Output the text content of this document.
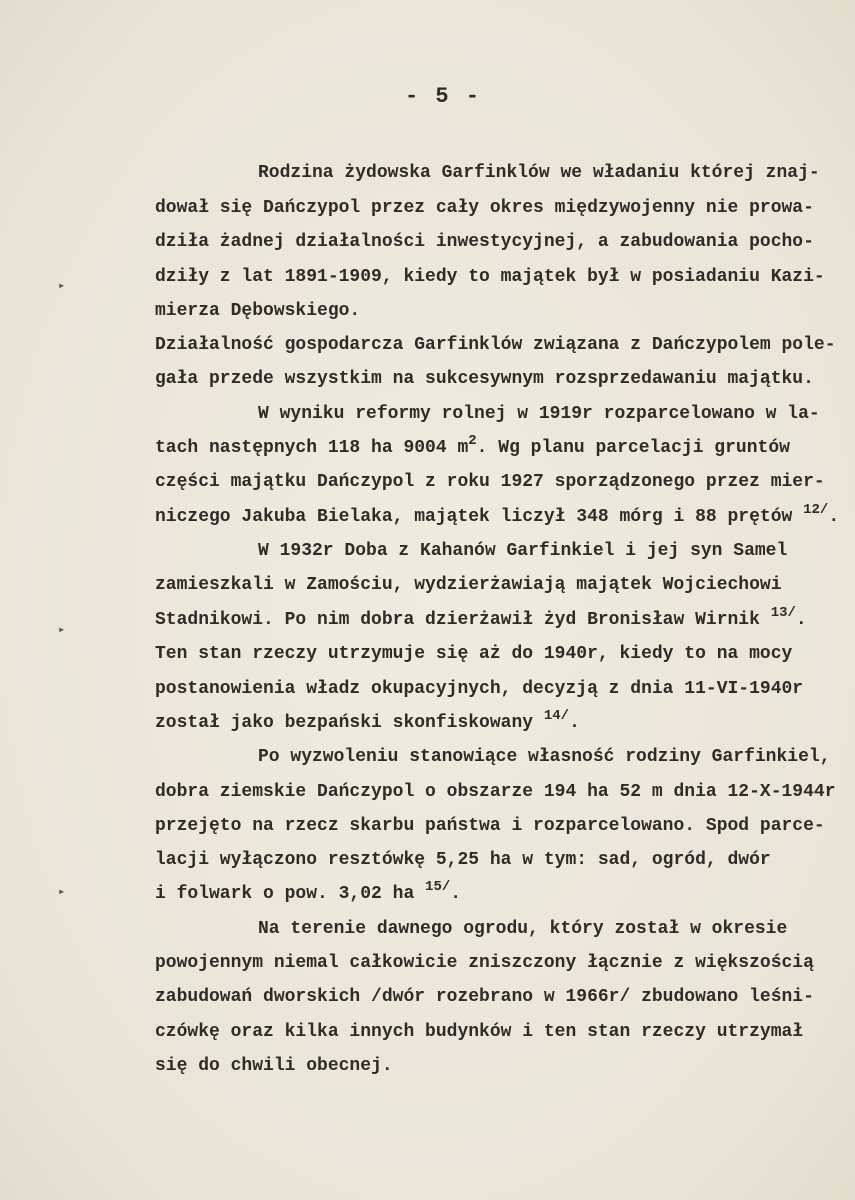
- 5 -
Rodzina żydowska Garfinklów we władaniu której znaj-
dował się Dańczypol przez cały okres międzywojenny nie prowa-
dziła żadnej działalności inwestycyjnej, a zabudowania pocho-
dziły z lat 1891-1909, kiedy to majątek był w posiadaniu Kazi-
mierza Dębowskiego.
Działalność gospodarcza Garfinklów związana z Dańczypolem pole-
gała przede wszystkim na sukcesywnym rozsprzedawaniu majątku.
W wyniku reformy rolnej w 1919r rozparcelowano w la-
tach następnych 118 ha 9004 $m^2$. Wg planu parcelacji gruntów
części majątku Dańczypol z roku 1927 sporządzonego przez mier-
niczego Jakuba Bielaka, majątek liczył 348 mórg i 88 prętów $^{12/}$.
W 1932r Doba z Kahanów Garfinkiel i jej syn Samel
zamieszkali w Zamościu, wydzierżawiają majątek Wojciechowi
Stadnikowi. Po nim dobra dzierżawił żyd Bronisław Wirnik $^{13/}$.
Ten stan rzeczy utrzymuje się aż do 1940r, kiedy to na mocy
postanowienia władz okupacyjnych, decyzją z dnia 11-VI-1940r
został jako bezpański skonfiskowany $^{14/}$.
Po wyzwoleniu stanowiące własność rodziny Garfinkiel,
dobra ziemskie Dańczypol o obszarze 194 ha 52 m dnia 12-X-1944r
przejęto na rzecz skarbu państwa i rozparcelowano. Spod parce-
lacji wyłączono resztówkę 5,25 ha w tym: sad, ogród, dwór
i folwark o pow. 3,02 ha $^{15/}$.
Na terenie dawnego ogrodu, który został w okresie
powojennym niemal całkowicie zniszczony łącznie z większością
zabudowań dworskich /dwór rozebrano w 1966r/ zbudowano leśni-
czówkę oraz kilka innych budynków i ten stan rzeczy utrzymał
się do chwili obecnej.
▸
▸
▸
